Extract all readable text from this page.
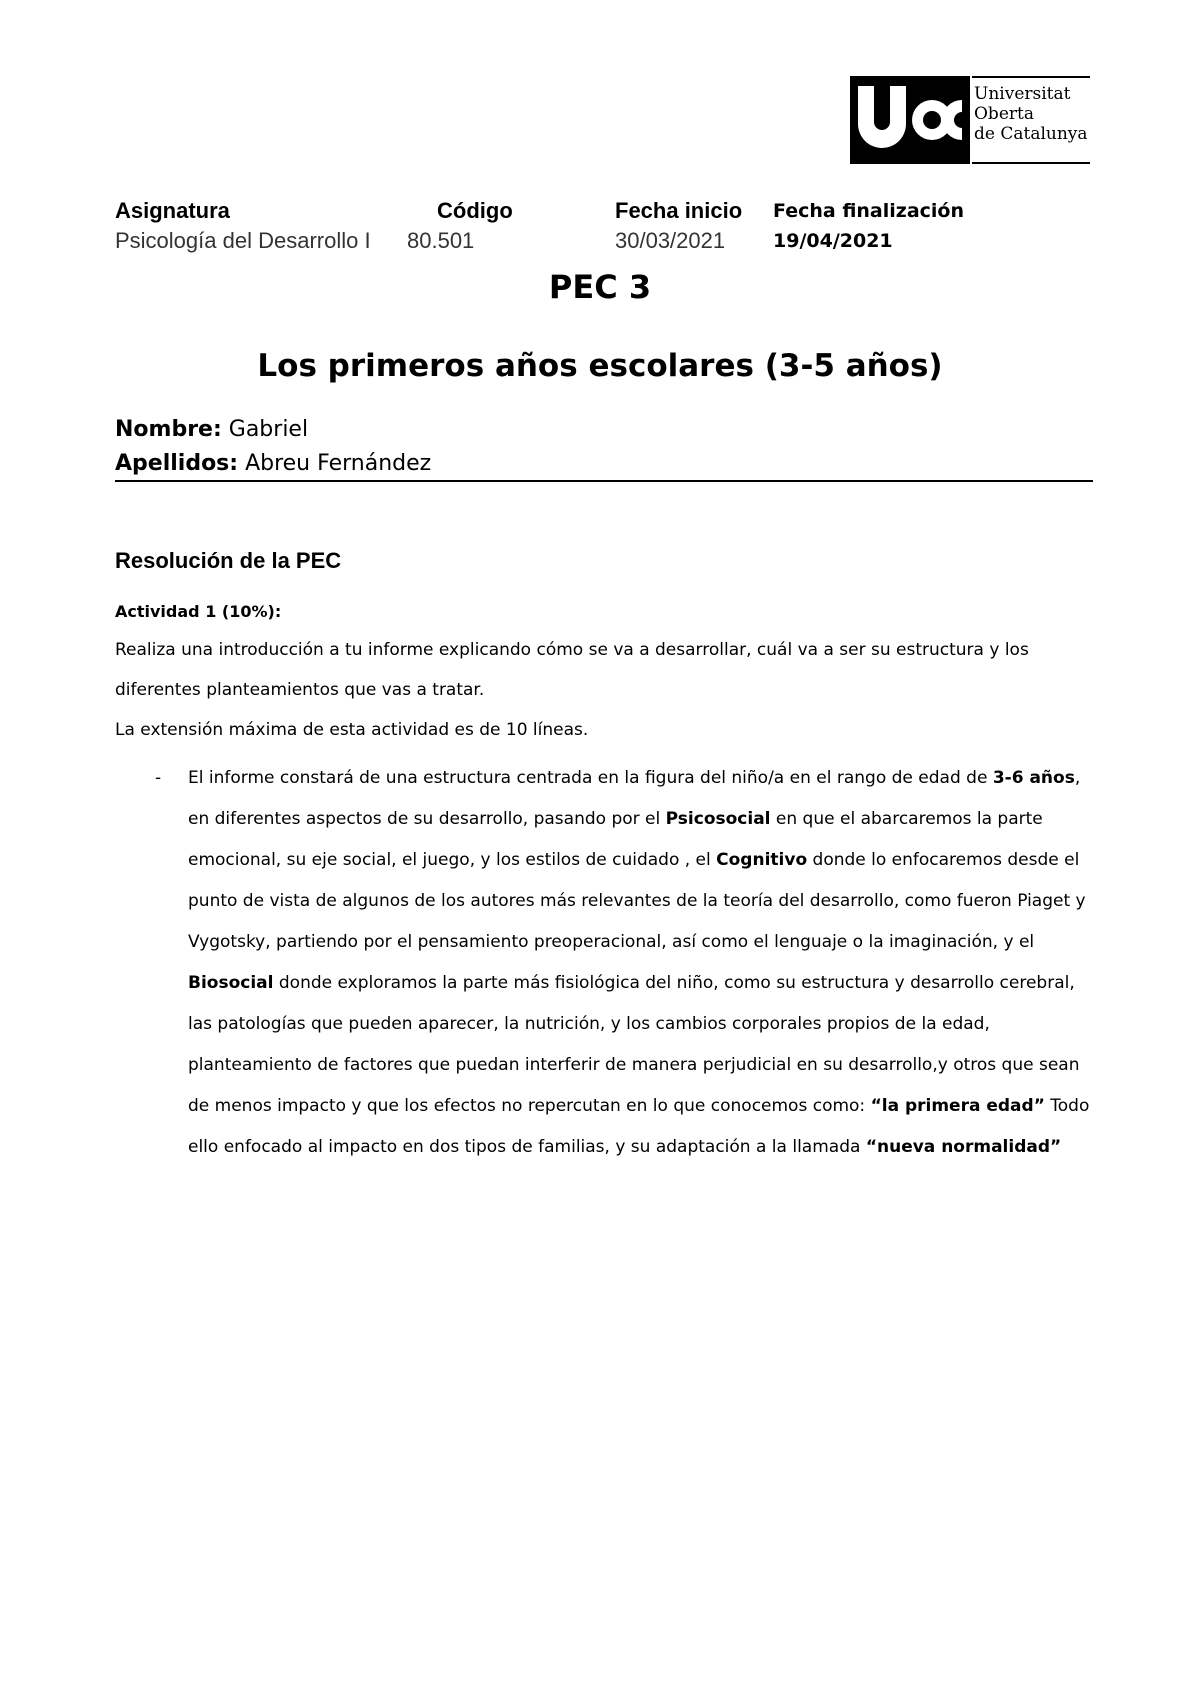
Universitat
Oberta
de Catalunya
Asignatura
Psicología del Desarrollo I
Código
80.501
Fecha inicio
30/03/2021
Fecha finalización
19/04/2021
PEC 3
Los primeros años escolares (3-5 años)
Nombre: Gabriel
Apellidos: Abreu Fernández
Resolución de la PEC
Actividad 1 (10%):
Realiza una introducción a tu informe explicando cómo se va a desarrollar, cuál va a ser su estructura y los diferentes planteamientos que vas a tratar.
La extensión máxima de esta actividad es de 10 líneas.
- El informe constará de una estructura centrada en la figura del niño/a en el rango de edad de 3-6 años, en diferentes aspectos de su desarrollo, pasando por el Psicosocial en que el abarcaremos la parte emocional, su eje social, el juego, y los estilos de cuidado , el Cognitivo donde lo enfocaremos desde el punto de vista de algunos de los autores más relevantes de la teoría del desarrollo, como fueron Piaget y Vygotsky, partiendo por el pensamiento preoperacional, así como el lenguaje o la imaginación, y el Biosocial donde exploramos la parte más fisiológica del niño, como su estructura y desarrollo cerebral, las patologías que pueden aparecer, la nutrición, y los cambios corporales propios de la edad, planteamiento de factores que puedan interferir de manera perjudicial en su desarrollo,y otros que sean de menos impacto y que los efectos no repercutan en lo que conocemos como: “la primera edad” Todo ello enfocado al impacto en dos tipos de familias, y su adaptación a la llamada “nueva normalidad”
